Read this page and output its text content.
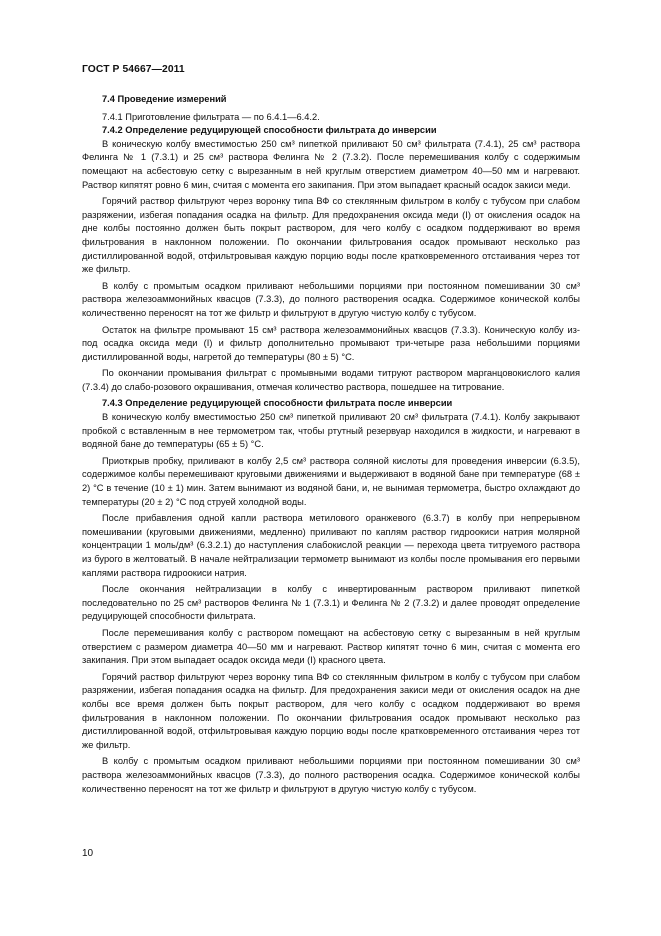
ГОСТ Р 54667—2011

7.4 Проведение измерений

7.4.1 Приготовление фильтрата — по 6.4.1—6.4.2.

7.4.2 Определение редуцирующей способности фильтрата до инверсии

В коническую колбу вместимостью 250 см³ пипеткой приливают 50 см³ фильтрата (7.4.1), 25 см³ раствора Фелинга № 1 (7.3.1) и 25 см³ раствора Фелинга № 2 (7.3.2). После перемешивания колбу с содержимым помещают на асбестовую сетку с вырезанным в ней круглым отверстием диаметром 40—50 мм и нагревают. Раствор кипятят ровно 6 мин, считая с момента его закипания. При этом выпадает красный осадок закиси меди.

Горячий раствор фильтруют через воронку типа ВФ со стеклянным фильтром в колбу с тубусом при слабом разряжении, избегая попадания осадка на фильтр. Для предохранения оксида меди (I) от окисления осадок на дне колбы постоянно должен быть покрыт раствором, для чего колбу с осадком поддерживают во время фильтрования в наклонном положении. По окончании фильтрования осадок промывают несколько раз дистиллированной водой, отфильтровывая каждую порцию воды после кратковременного отстаивания через тот же фильтр.

В колбу с промытым осадком приливают небольшими порциями при постоянном помешивании 30 см³ раствора железоаммонийных квасцов (7.3.3), до полного растворения осадка. Содержимое конической колбы количественно переносят на тот же фильтр и фильтруют в другую чистую колбу с тубусом.

Остаток на фильтре промывают 15 см³ раствора железоаммонийных квасцов (7.3.3). Коническую колбу из-под осадка оксида меди (I) и фильтр дополнительно промывают три-четыре раза небольшими порциями дистиллированной воды, нагретой до температуры (80 ± 5) °С.

По окончании промывания фильтрат с промывными водами титруют раствором марганцовокислого калия (7.3.4) до слабо-розового окрашивания, отмечая количество раствора, пошедшее на титрование.

7.4.3 Определение редуцирующей способности фильтрата после инверсии

В коническую колбу вместимостью 250 см³ пипеткой приливают 20 см³ фильтрата (7.4.1). Колбу закрывают пробкой с вставленным в нее термометром так, чтобы ртутный резервуар находился в жидкости, и нагревают в водяной бане до температуры (65 ± 5) °С.

Приоткрыв пробку, приливают в колбу 2,5 см³ раствора соляной кислоты для проведения инверсии (6.3.5), содержимое колбы перемешивают круговыми движениями и выдерживают в водяной бане при температуре (68 ± 2) °С в течение (10 ± 1) мин. Затем вынимают из водяной бани, и, не вынимая термометра, быстро охлаждают до температуры (20 ± 2) °С под струей холодной воды.

После прибавления одной капли раствора метилового оранжевого (6.3.7) в колбу при непрерывном помешивании (круговыми движениями, медленно) приливают по каплям раствор гидроокиси натрия молярной концентрации 1 моль/дм³ (6.3.2.1) до наступления слабокислой реакции — перехода цвета титруемого раствора из бурого в желтоватый. В начале нейтрализации термометр вынимают из колбы после промывания его первыми каплями раствора гидроокиси натрия.

После окончания нейтрализации в колбу с инвертированным раствором приливают пипеткой последовательно по 25 см³ растворов Фелинга № 1 (7.3.1) и Фелинга № 2 (7.3.2) и далее проводят определение редуцирующей способности фильтрата.

После перемешивания колбу с раствором помещают на асбестовую сетку с вырезанным в ней круглым отверстием с размером диаметра 40—50 мм и нагревают. Раствор кипятят точно 6 мин, считая с момента его закипания. При этом выпадает осадок оксида меди (I) красного цвета.

Горячий раствор фильтруют через воронку типа ВФ со стеклянным фильтром в колбу с тубусом при слабом разряжении, избегая попадания осадка на фильтр. Для предохранения закиси меди от окисления осадок на дне колбы все время должен быть покрыт раствором, для чего колбу с осадком поддерживают во время фильтрования в наклонном положении. По окончании фильтрования осадок промывают несколько раз дистиллированной водой, отфильтровывая каждую порцию воды после кратковременного отстаивания через тот же фильтр.

В колбу с промытым осадком приливают небольшими порциями при постоянном помешивании 30 см³ раствора железоаммонийных квасцов (7.3.3), до полного растворения осадка. Содержимое конической колбы количественно переносят на тот же фильтр и фильтруют в другую чистую колбу с тубусом.

10
